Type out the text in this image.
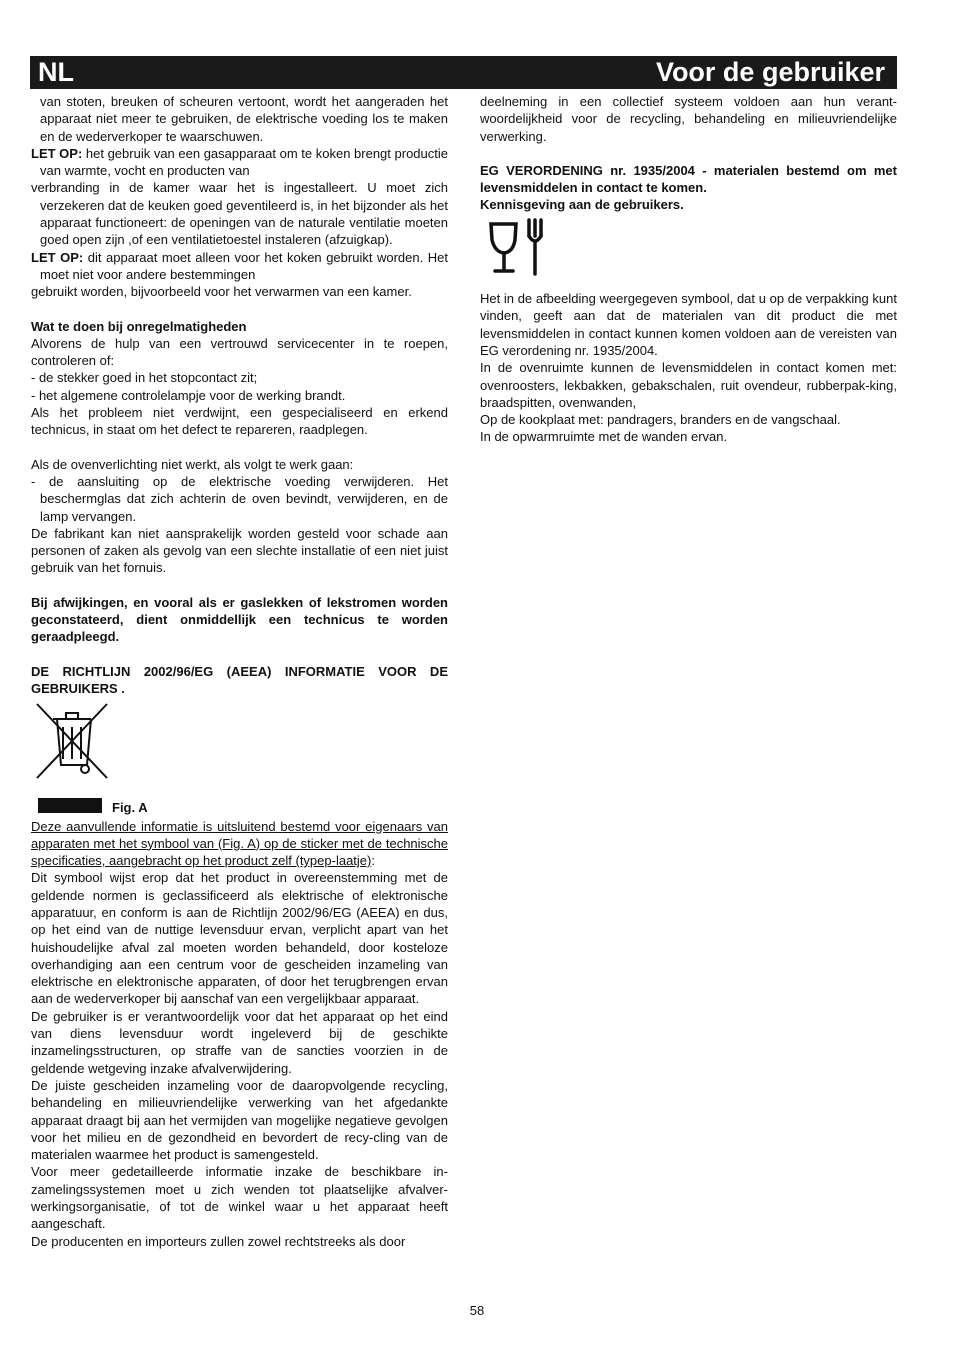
NL	Voor de gebruiker

van stoten, breuken of scheuren vertoont, wordt het aangeraden het apparaat niet meer te gebruiken, de elektrische voeding los te maken en de wederverkoper te waarschuwen.

LET OP: het gebruik van een gasapparaat om te koken brengt productie van warmte, vocht en producten van

verbranding in de kamer waar het is ingestalleert. U moet zich verzekeren dat de keuken goed geventileerd is, in het bijzonder als het apparaat functioneert: de openingen van de naturale ventilatie moeten goed open zijn ,of een ventilatietoestel instaleren (afzuigkap).

LET OP: dit apparaat moet alleen voor het koken gebruikt worden. Het moet niet voor andere bestemmingen

gebruikt worden, bijvoorbeeld voor het verwarmen van een kamer.

Wat te doen bij onregelmatigheden

Alvorens de hulp van een vertrouwd servicecenter in te roepen, controleren of:

- de stekker goed in het stopcontact zit;

- het algemene controlelampje voor de werking brandt.

Als het probleem niet verdwijnt, een gespecialiseerd en erkend technicus, in staat om het defect te repareren, raadplegen.

Als de ovenverlichting niet werkt, als volgt te werk gaan:

- de aansluiting op de elektrische voeding verwijderen. Het beschermglas dat zich achterin de oven bevindt, verwijderen, en de lamp vervangen.

De fabrikant kan niet aansprakelijk worden gesteld voor schade aan personen of zaken als gevolg van een slechte installatie of een niet juist gebruik van het fornuis.

Bij afwijkingen, en vooral als er gaslekken of lekstromen worden geconstateerd, dient onmiddellijk een technicus te worden geraadpleegd.

DE RICHTLIJN 2002/96/EG (AEEA) INFORMATIE VOOR DE GEBRUIKERS .

Fig. A

Deze aanvullende informatie is uitsluitend bestemd voor eigenaars van apparaten met het symbool van (Fig. A) op de sticker met de technische specificaties, aangebracht op het product zelf (typep-laatje):

Dit symbool wijst erop dat het product in overeenstemming met de geldende normen is geclassificeerd als elektrische of elektronische apparatuur, en conform is aan de Richtlijn 2002/96/EG (AEEA) en dus, op het eind van de nuttige levensduur ervan, verplicht apart van het huishoudelijke afval zal moeten worden behandeld, door kosteloze overhandiging aan een centrum voor de gescheiden inzameling van elektrische en elektronische apparaten, of door het terugbrengen ervan aan de wederverkoper bij aanschaf van een vergelijkbaar apparaat.

De gebruiker is er verantwoordelijk voor dat het apparaat op het eind van diens levensduur wordt ingeleverd bij de geschikte inzamelingsstructuren, op straffe van de sancties voorzien in de geldende wetgeving inzake afvalverwijdering.

De juiste gescheiden inzameling voor de daaropvolgende recycling, behandeling en milieuvriendelijke verwerking van het afgedankte apparaat draagt bij aan het vermijden van mogelijke negatieve gevolgen voor het milieu en de gezondheid en bevordert de recy-cling van de materialen waarmee het product is samengesteld.

Voor meer gedetailleerde informatie inzake de beschikbare in-zamelingssystemen moet u zich wenden tot plaatselijke afvalver-werkingsorganisatie, of tot de winkel waar u het apparaat heeft aangeschaft.

De producenten en importeurs zullen zowel rechtstreeks als door

deelneming in een collectief systeem voldoen aan hun verant-woordelijkheid voor de recycling, behandeling en milieuvriendelijke verwerking.

EG VERORDENING nr. 1935/2004 - materialen bestemd om met levensmiddelen in contact te komen.

Kennisgeving aan de gebruikers.

Het in de afbeelding weergegeven symbool, dat u op de verpakking kunt vinden, geeft aan dat de materialen van dit product die met levensmiddelen in contact kunnen komen voldoen aan de vereisten van EG verordening nr. 1935/2004.

In de ovenruimte kunnen de levensmiddelen in contact komen met: ovenroosters, lekbakken, gebakschalen, ruit ovendeur, rubberpak-king, braadspitten, ovenwanden,

Op de kookplaat met: pandragers, branders en de vangschaal.

In de opwarmruimte met de wanden ervan.

58
